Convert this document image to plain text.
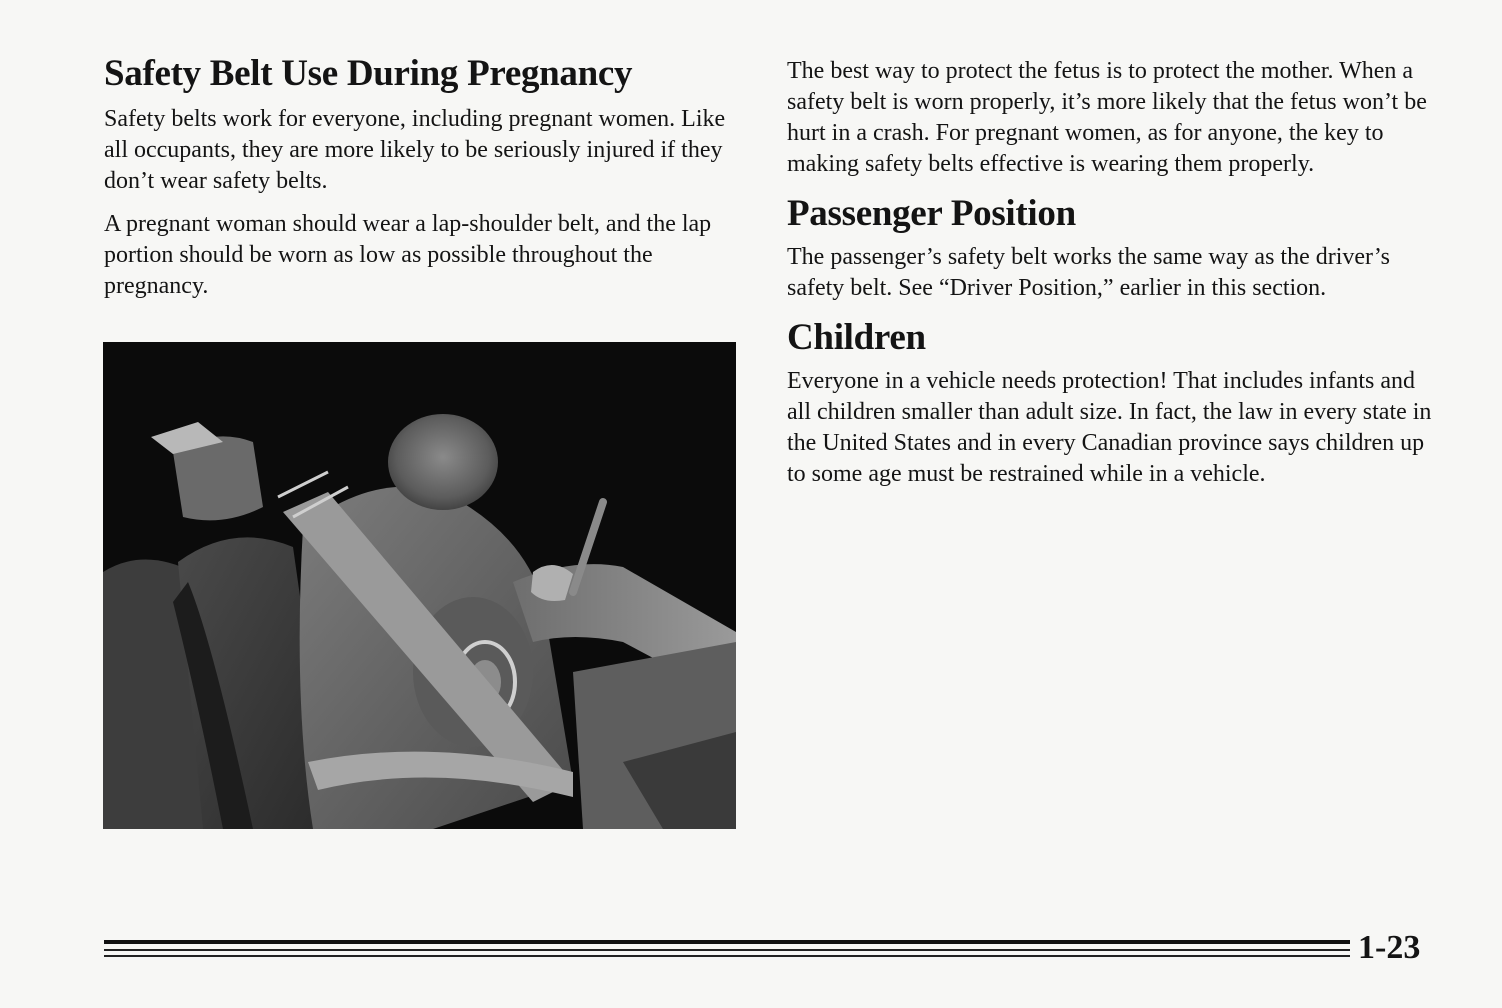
Safety Belt Use During Pregnancy

Safety belts work for everyone, including pregnant women. Like all occupants, they are more likely to be seriously injured if they don’t wear safety belts.

A pregnant woman should wear a lap-shoulder belt, and the lap portion should be worn as low as possible throughout the pregnancy.

The best way to protect the fetus is to protect the mother. When a safety belt is worn properly, it’s more likely that the fetus won’t be hurt in a crash. For pregnant women, as for anyone, the key to making safety belts effective is wearing them properly.

Passenger Position

The passenger’s safety belt works the same way as the driver’s safety belt. See “Driver Position,” earlier in this section.

Children

Everyone in a vehicle needs protection! That includes infants and all children smaller than adult size. In fact, the law in every state in the United States and in every Canadian province says children up to some age must be restrained while in a vehicle.

1-23
